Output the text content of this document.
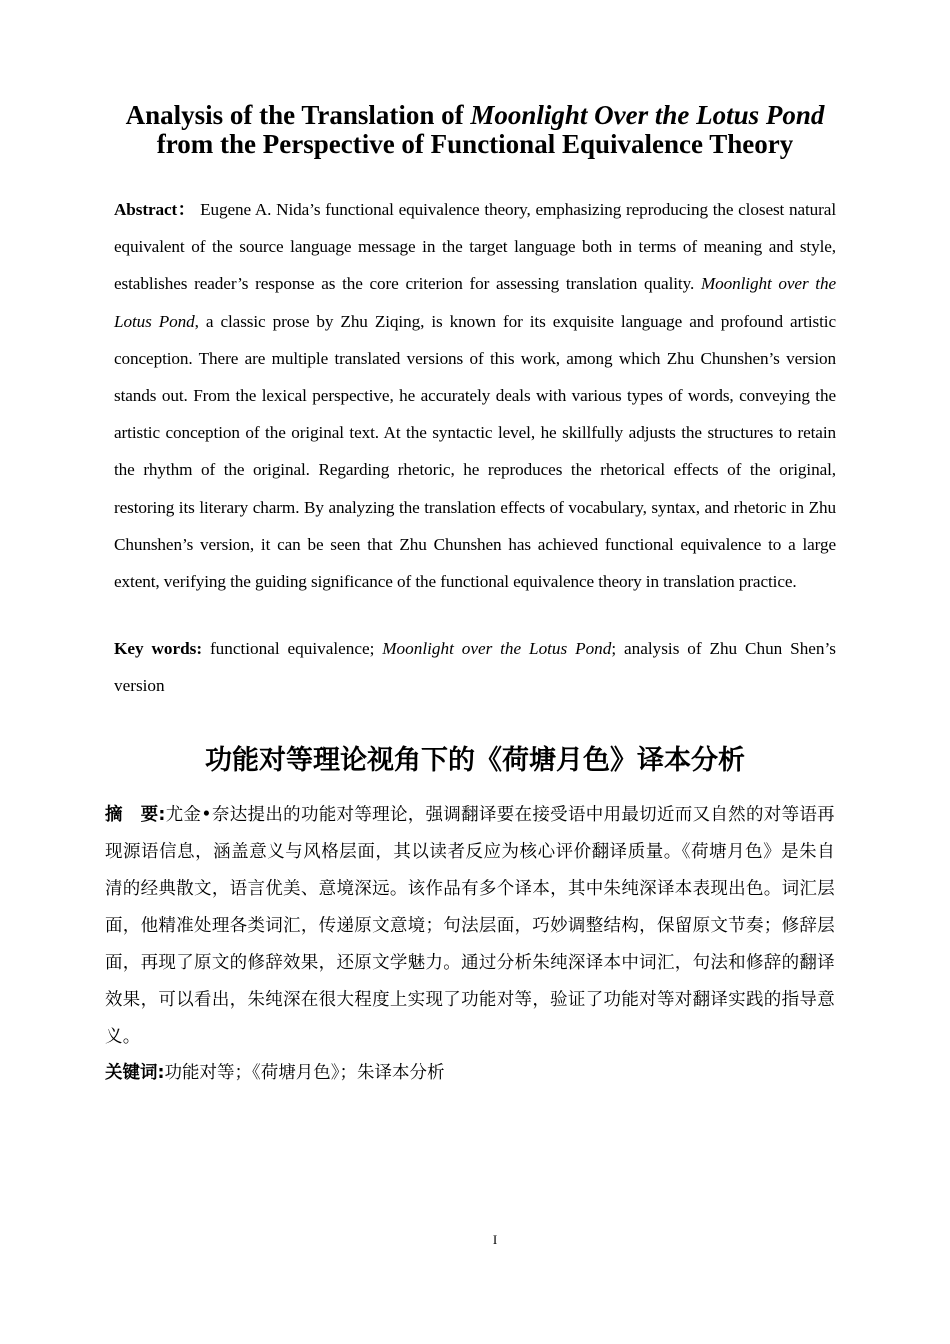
Analysis of the Translation of Moonlight Over the Lotus Pond from the Perspective of Functional Equivalence Theory

Abstract： Eugene A. Nida’s functional equivalence theory, emphasizing reproducing the closest natural equivalent of the source language message in the target language both in terms of meaning and style, establishes reader’s response as the core criterion for assessing translation quality. Moonlight over the Lotus Pond, a classic prose by Zhu Ziqing, is known for its exquisite language and profound artistic conception. There are multiple translated versions of this work, among which Zhu Chunshen’s version stands out. From the lexical perspective, he accurately deals with various types of words, conveying the artistic conception of the original text. At the syntactic level, he skillfully adjusts the structures to retain the rhythm of the original. Regarding rhetoric, he reproduces the rhetorical effects of the original, restoring its literary charm. By analyzing the translation effects of vocabulary, syntax, and rhetoric in Zhu Chunshen’s version, it can be seen that Zhu Chunshen has achieved functional equivalence to a large extent, verifying the guiding significance of the functional equivalence theory in translation practice.

Key words: functional equivalence; Moonlight over the Lotus Pond; analysis of Zhu Chun Shen’s version

功能对等理论视角下的《荷塘月色》译本分析

摘　要:尤金•奈达提出的功能对等理论，强调翻译要在接受语中用最切近而又自然的对等语再现源语信息，涵盖意义与风格层面，其以读者反应为核心评价翻译质量。《荷塘月色》是朱自清的经典散文，语言优美、意境深远。该作品有多个译本，其中朱纯深译本表现出色。词汇层面，他精准处理各类词汇，传递原文意境；句法层面，巧妙调整结构，保留原文节奏；修辞层面，再现了原文的修辞效果，还原文学魅力。通过分析朱纯深译本中词汇，句法和修辞的翻译效果，可以看出，朱纯深在很大程度上实现了功能对等，验证了功能对等对翻译实践的指导意义。

关键词:功能对等；《荷塘月色》；朱译本分析

I
